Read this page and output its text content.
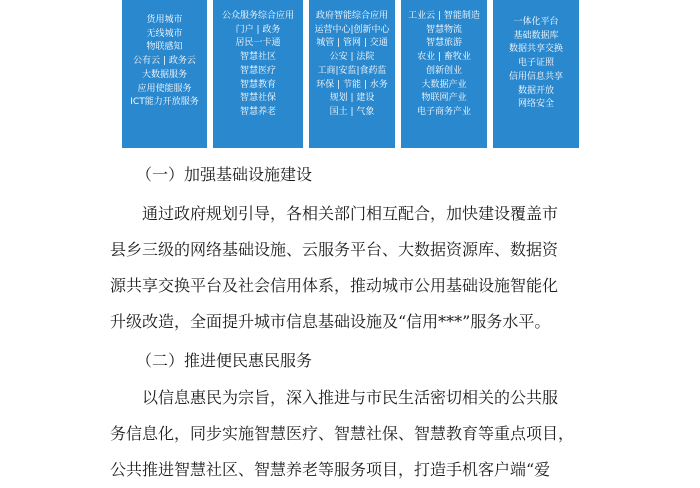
货用城市
无线城市
物联感知
公有云 | 政务云
大数据服务
应用使能服务
ICT能力开放服务
公众服务综合应用
门户 | 政务
居民一卡通
智慧社区
智慧医疗
智慧教育
智慧社保
智慧养老
政府智能综合应用
运营中心|创新中心
城管 | 管网 | 交通
公安 | 法院
工商|安监|食药监
环保 | 节能 | 水务
规划 | 建设
国土 | 气象
工业云 | 智能制造
智慧物流
智慧旅游
农业 | 畜牧业
创新创业
大数据产业
物联网产业
电子商务产业
一体化平台
基础数据库
数据共享交换
电子证照
信用信息共享
数据开放
网络安全
（一）加强基础设施建设
通过政府规划引导，各相关部门相互配合，加快建设覆盖市
县乡三级的网络基础设施、云服务平台、大数据资源库、数据资
源共享交换平台及社会信用体系，推动城市公用基础设施智能化
升级改造，全面提升城市信息基础设施及“信用***”服务水平。
（二）推进便民惠民服务
以信息惠民为宗旨，深入推进与市民生活密切相关的公共服
务信息化，同步实施智慧医疗、智慧社保、智慧教育等重点项目，
公共推进智慧社区、智慧养老等服务项目，打造手机客户端“爱
